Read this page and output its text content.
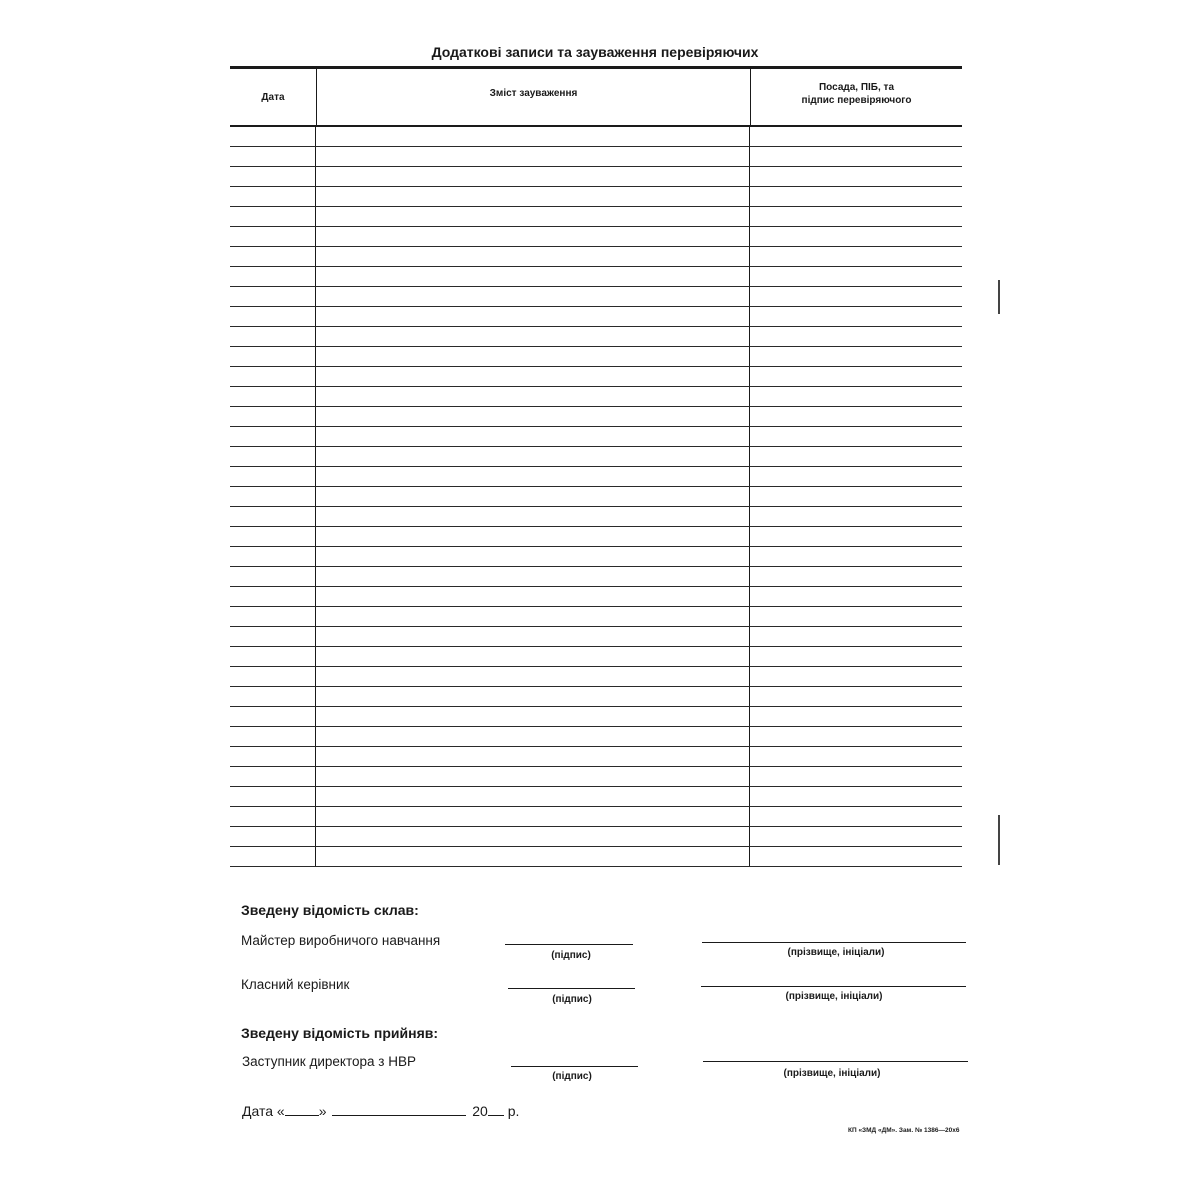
Додаткові записи та зауваження перевіряючих
Дата	Зміст зауваження	Посада, ПІБ, та
підпис перевіряючого
Зведену відомість склав:
Майстер виробничого навчання
(підпис)	(прізвище, ініціали)
Класний керівник
(підпис)	(прізвище, ініціали)
Зведену відомість прийняв:
Заступник директора з НВР
(підпис)	(прізвище, ініціали)
Дата « »	20 р.
КП «ЗМД «ДМ». Зам. № 1386—20х6
